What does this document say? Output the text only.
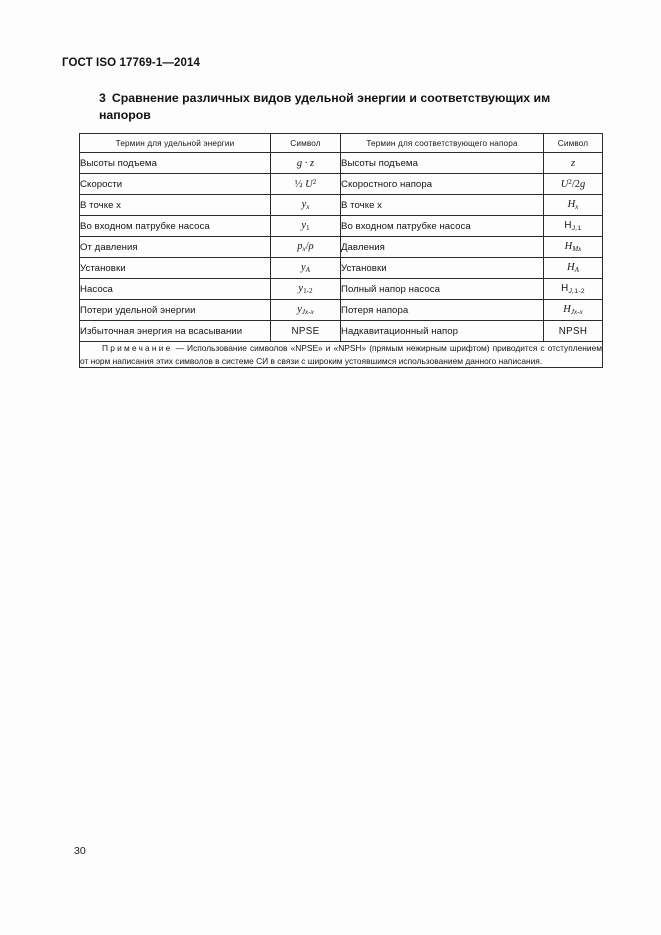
ГОСТ ISO 17769-1—2014
3 Сравнение различных видов удельной энергии и соответствующих им напоров
Термин для удельной энергии	Символ	Термин для соответствующего напора	Символ
Высоты подъема	g · z	Высоты подъема	z
Скорости	½ $U^2$	Скоростного напора	$U^2/2g$
В точке x	$y_x$	В точке x	$H_x$
Во входном патрубке насоса	$y_1$	Во входном патрубке насоса	$H_{J,1}$
От давления	$p_x/\rho$	Давления	$H_{Mx}$
Установки	$y_A$	Установки	$H_A$
Насоса	$y_{1-2}$	Полный напор насоса	$H_{J,1-2}$
Потери удельной энергии	$y_{Jx-x}$	Потеря напора	$H_{Jx-x}$
Избыточная энергия на всасывании	NPSE	Надкавитационный напор	NPSH
Примечание — Использование символов «NPSE» и «NPSH» (прямым нежирным шрифтом) приводится с отступлением от норм написания этих символов в системе СИ в связи с широким устоявшимся использованием данного написания.			
30
